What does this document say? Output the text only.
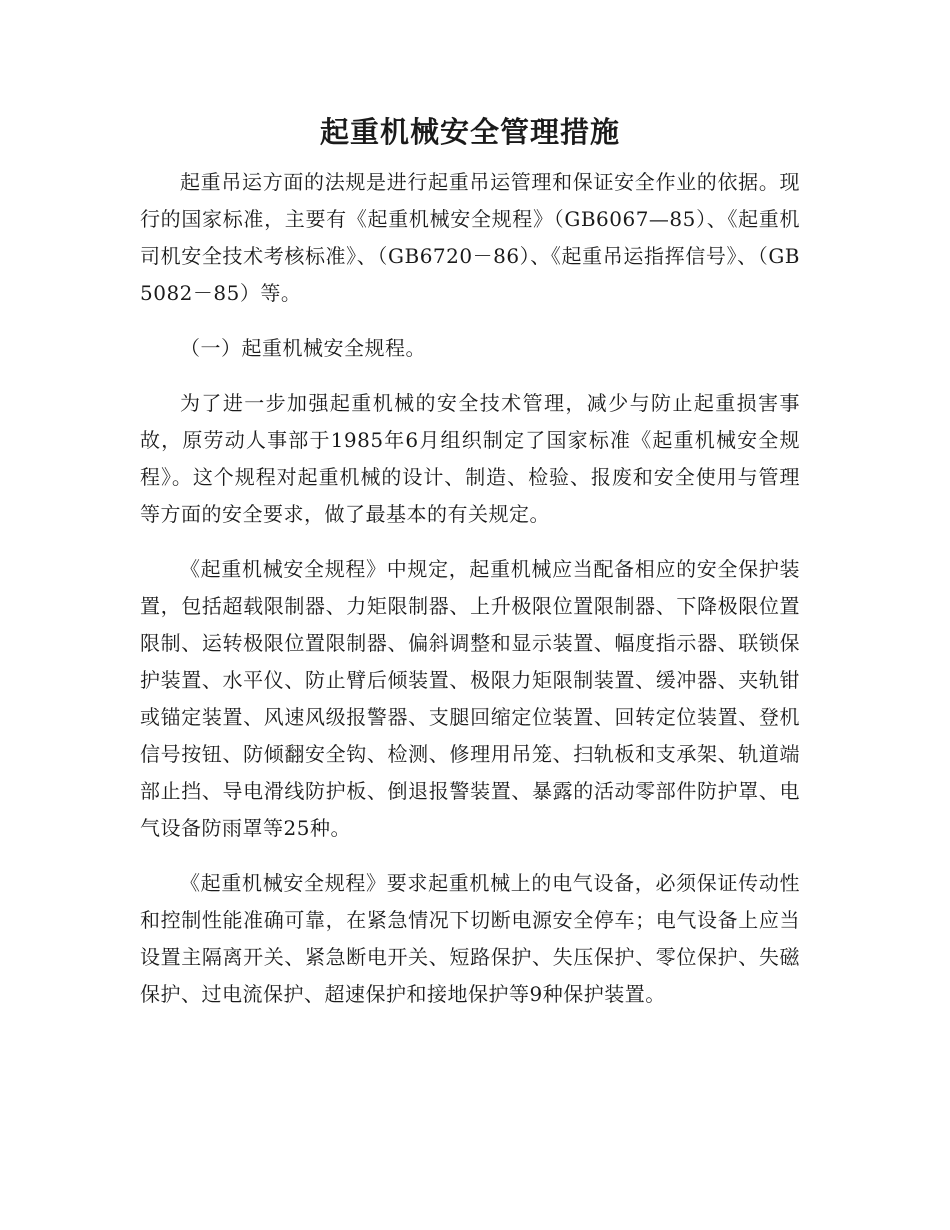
起重机械安全管理措施

起重吊运方面的法规是进行起重吊运管理和保证安全作业的依据。现行的国家标准，主要有《起重机械安全规程》（GB6067—85）、《起重机司机安全技术考核标准》、（GB6720－86）、《起重吊运指挥信号》、（GB5082－85）等。

（一）起重机械安全规程。

为了进一步加强起重机械的安全技术管理，减少与防止起重损害事故，原劳动人事部于1985年6月组织制定了国家标准《起重机械安全规程》。这个规程对起重机械的设计、制造、检验、报废和安全使用与管理等方面的安全要求，做了最基本的有关规定。

《起重机械安全规程》中规定，起重机械应当配备相应的安全保护装置，包括超载限制器、力矩限制器、上升极限位置限制器、下降极限位置限制、运转极限位置限制器、偏斜调整和显示装置、幅度指示器、联锁保护装置、水平仪、防止臂后倾装置、极限力矩限制装置、缓冲器、夹轨钳或锚定装置、风速风级报警器、支腿回缩定位装置、回转定位装置、登机信号按钮、防倾翻安全钩、检测、修理用吊笼、扫轨板和支承架、轨道端部止挡、导电滑线防护板、倒退报警装置、暴露的活动零部件防护罩、电气设备防雨罩等25种。

《起重机械安全规程》要求起重机械上的电气设备，必须保证传动性和控制性能准确可靠，在紧急情况下切断电源安全停车；电气设备上应当设置主隔离开关、紧急断电开关、短路保护、失压保护、零位保护、失磁保护、过电流保护、超速保护和接地保护等9种保护装置。
